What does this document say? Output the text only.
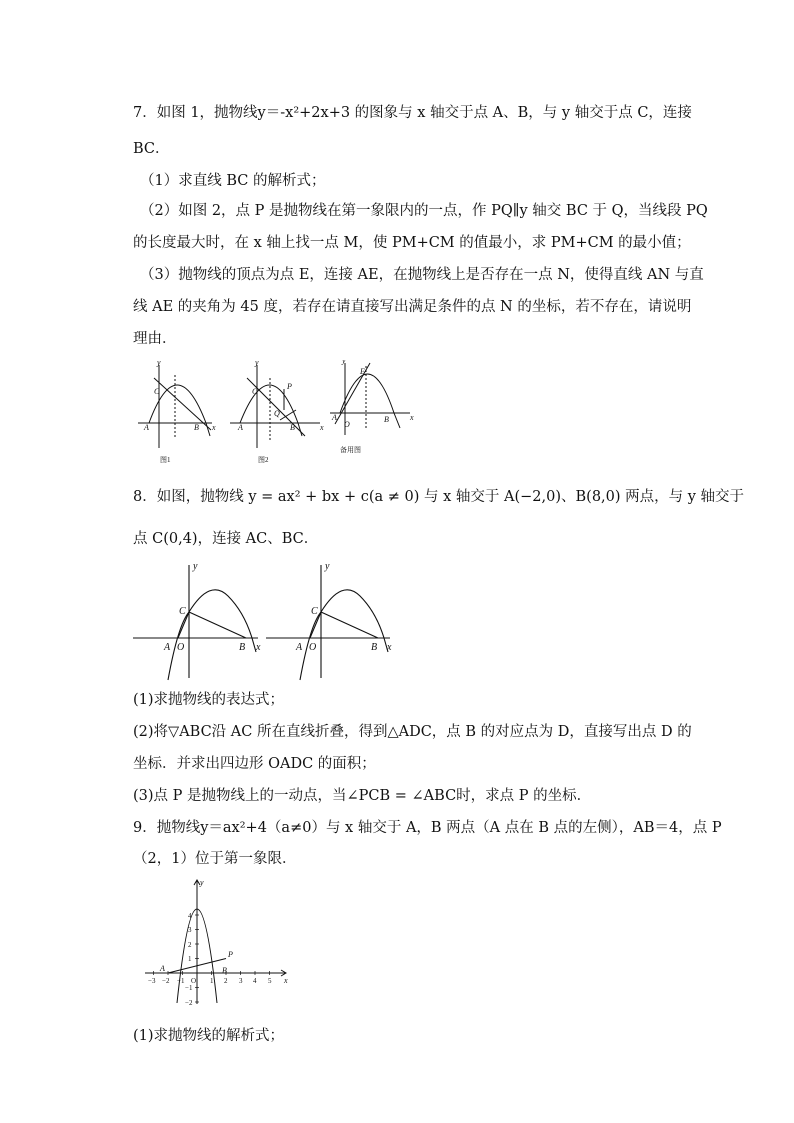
7．如图 1，抛物线y＝-x²+2x+3 的图象与 x 轴交于点 A、B，与 y 轴交于点 C，连接
BC．
（1）求直线 BC 的解析式；
（2）如图 2，点 P 是抛物线在第一象限内的一点，作 PQ∥y 轴交 BC 于 Q，当线段 PQ
的长度最大时，在 x 轴上找一点 M，使 PM+CM 的值最小，求 PM+CM 的最小值；
（3）抛物线的顶点为点 E，连接 AE，在抛物线上是否存在一点 N，使得直线 AN 与直
线 AE 的夹角为 45 度，若存在请直接写出满足条件的点 N 的坐标，若不存在，请说明
理由．
y
x
C
A	B
y
x
C
P
Q
A	B
y
x
E
O
A	B
图1	图2
备用图
8．如图，抛物线 y = ax² + bx + c(a ≠ 0) 与 x 轴交于 A(−2,0)、B(8,0) 两点，与 y 轴交于
点 C(0,4)，连接 AC、BC．
y
x
C
A O	B
y
x
C
A O	B
(1)求抛物线的表达式；
(2)将▽ABC沿 AC 所在直线折叠，得到△ADC，点 B 的对应点为 D，直接写出点 D 的
坐标．并求出四边形 OADC 的面积；
(3)点 P 是抛物线上的一动点，当∠PCB = ∠ABC时，求点 P 的坐标．
9．抛物线y＝ax²+4（a≠0）与 x 轴交于 A，B 两点（A 点在 B 点的左侧），AB＝4，点 P
（2，1）位于第一象限．
−3 −2 −1 O 1 2 3 4 5
4
3
2
1
−1
−2
y
x
A	B
P
(1)求抛物线的解析式；
